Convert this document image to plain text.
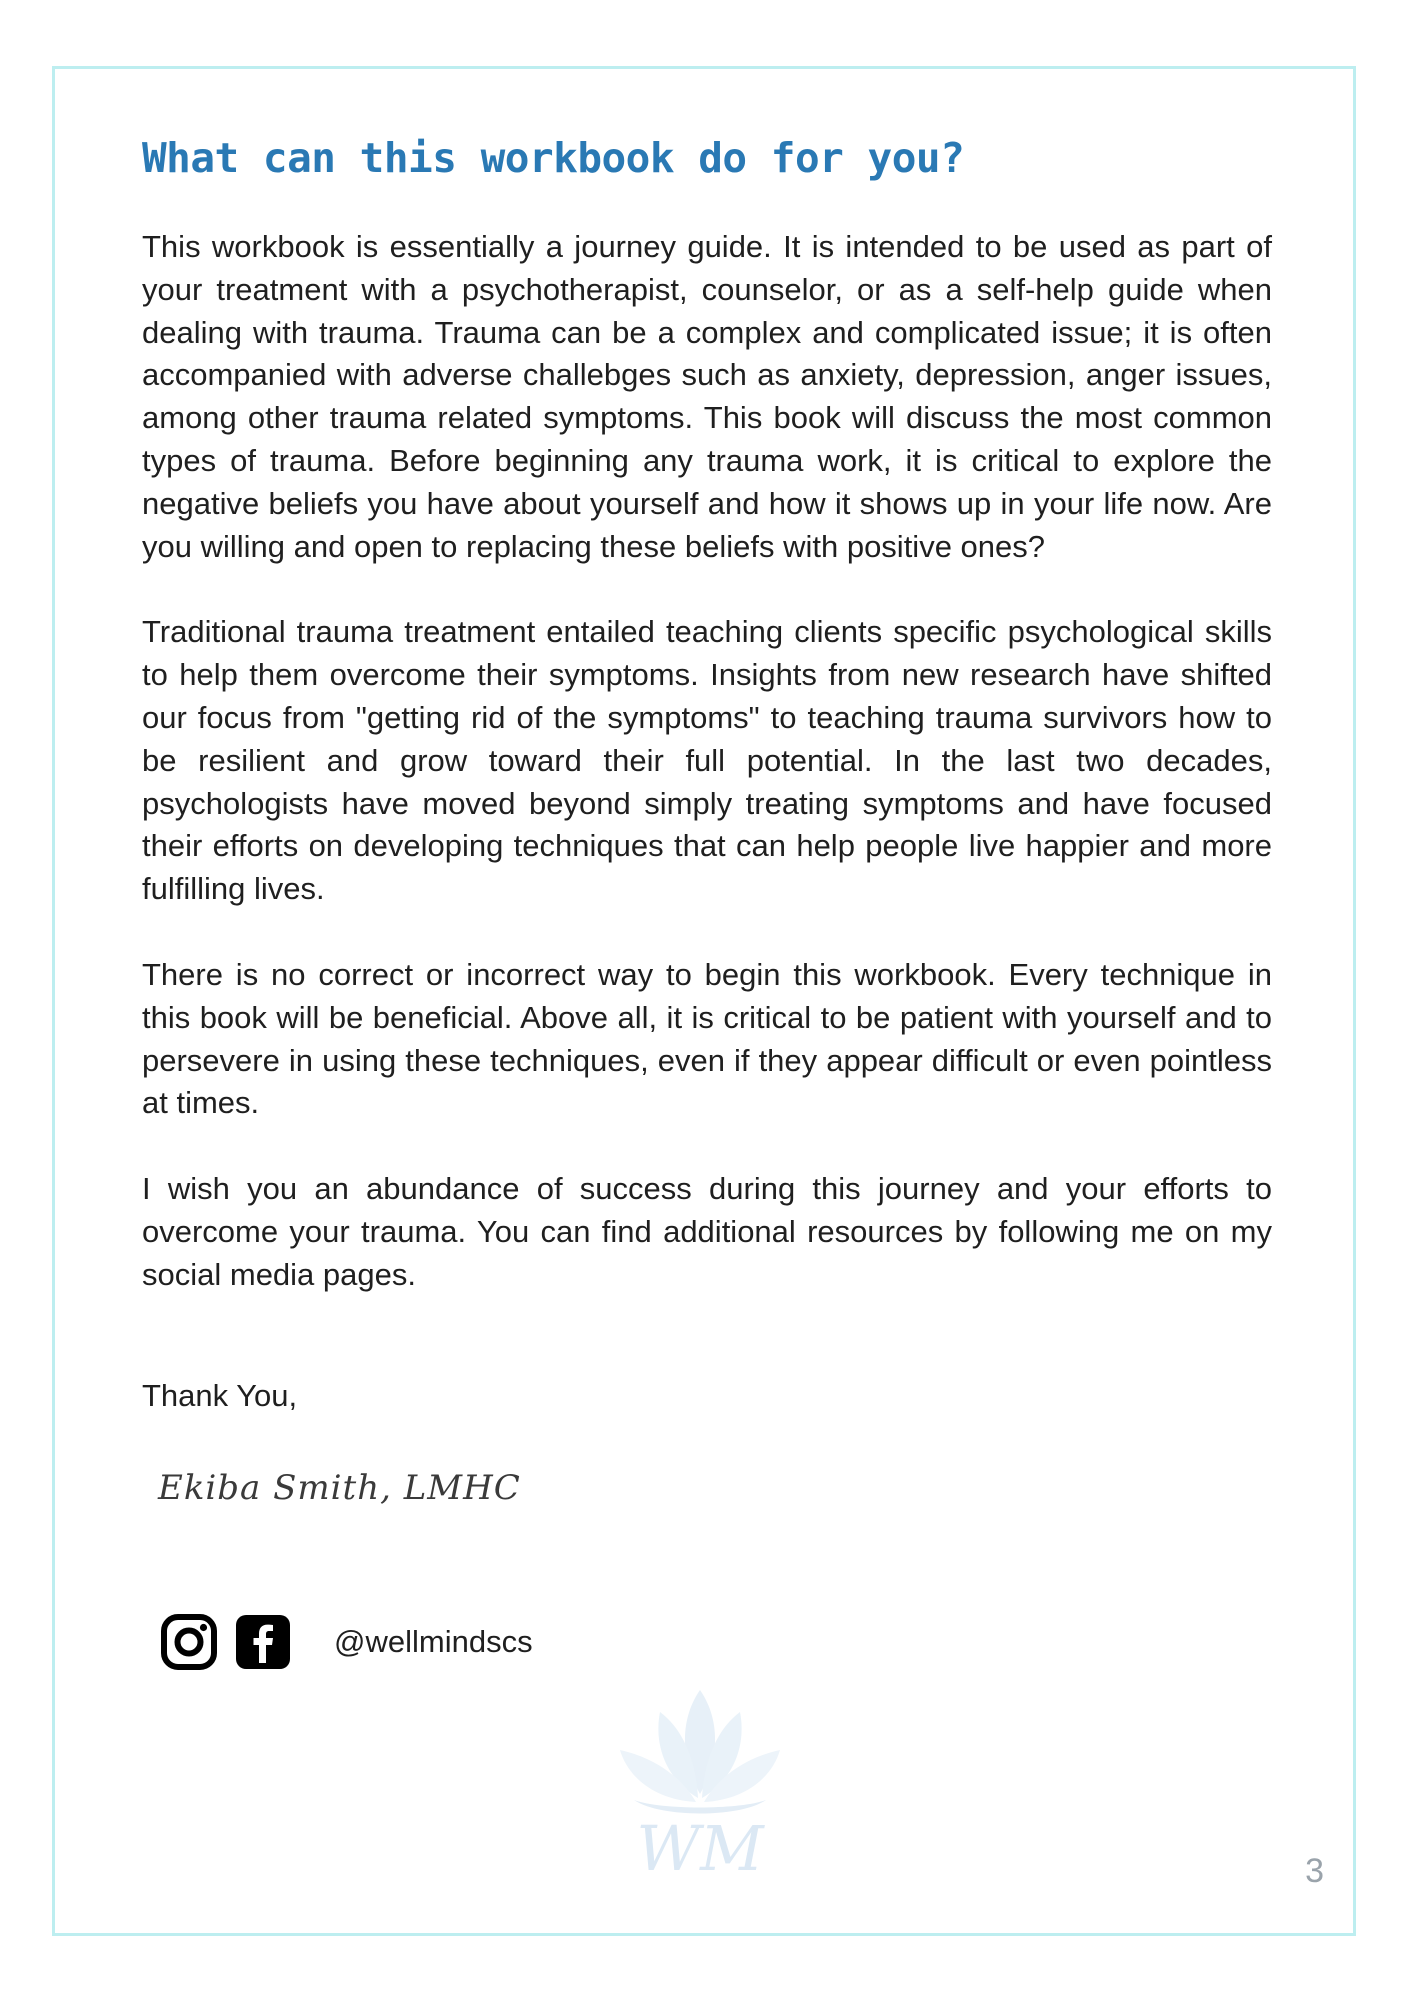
What can this workbook do for you?

This workbook is essentially a journey guide. It is intended to be used as part of your treatment with a psychotherapist, counselor, or as a self-help guide when dealing with trauma. Trauma can be a complex and complicated issue; it is often accompanied with adverse challebges such as anxiety, depression, anger issues, among other trauma related symptoms. This book will discuss the most common types of trauma. Before beginning any trauma work, it is critical to explore the negative beliefs you have about yourself and how it shows up in your life now. Are you willing and open to replacing these beliefs with positive ones?

Traditional trauma treatment entailed teaching clients specific psychological skills to help them overcome their symptoms. Insights from new research have shifted our focus from "getting rid of the symptoms" to teaching trauma survivors how to be resilient and grow toward their full potential. In the last two decades, psychologists have moved beyond simply treating symptoms and have focused their efforts on developing techniques that can help people live happier and more fulfilling lives.

There is no correct or incorrect way to begin this workbook. Every technique in this book will be beneficial. Above all, it is critical to be patient with yourself and to persevere in using these techniques, even if they appear difficult or even pointless at times.

I wish you an abundance of success during this journey and your efforts to overcome your trauma. You can find additional resources by following me on my social media pages.

Thank You,

Ekiba Smith, LMHC

@wellmindscs
WM	3
